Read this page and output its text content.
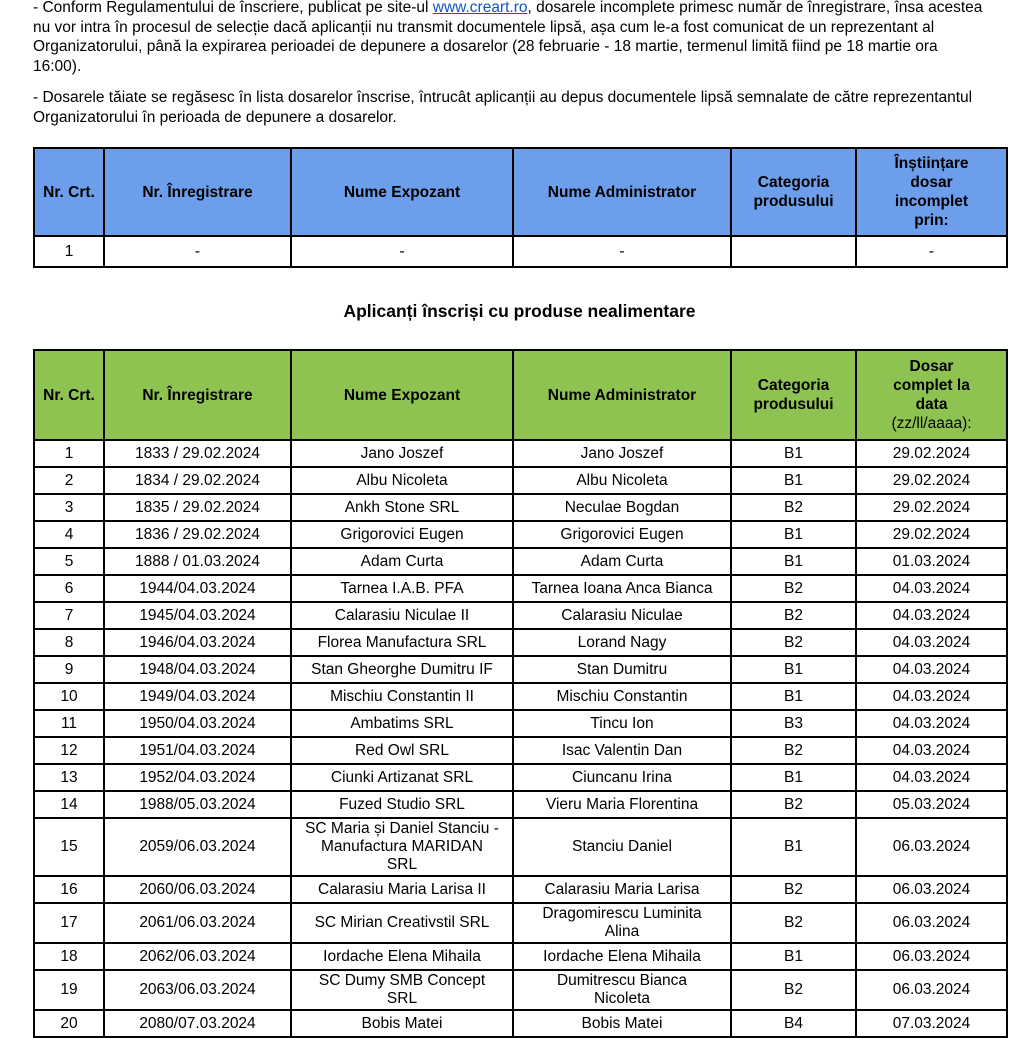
- Conform Regulamentului de înscriere, publicat pe site-ul www.creart.ro, dosarele incomplete primesc număr de înregistrare, însa acestea nu vor intra în procesul de selecție dacă aplicanții nu transmit documentele lipsă, așa cum le-a fost comunicat de un reprezentant al Organizatorului, până la expirarea perioadei de depunere a dosarelor (28 februarie - 18 martie, termenul limită fiind pe 18 martie ora 16:00).

- Dosarele tăiate se regăsesc în lista dosarelor înscrise, întrucât aplicanții au depus documentele lipsă semnalate de către reprezentantul Organizatorului în perioada de depunere a dosarelor.

Nr. Crt.	Nr. Înregistrare	Nume Expozant	Nume Administrator	Categoria produsului	Înștiințare dosar incomplet prin:
1	-	-	-		-
Aplicanți înscriși cu produse nealimentare
Nr. Crt.	Nr. Înregistrare	Nume Expozant	Nume Administrator	Categoria produsului	Dosar complet la data
(zz/ll/aaaa):

1	1833 / 29.02.2024	Jano Joszef	Jano Joszef	B1	29.02.2024
2	1834 / 29.02.2024	Albu Nicoleta	Albu Nicoleta	B1	29.02.2024
3	1835 / 29.02.2024	Ankh Stone SRL	Neculae Bogdan	B2	29.02.2024
4	1836 / 29.02.2024	Grigorovici Eugen	Grigorovici Eugen	B1	29.02.2024
5	1888 / 01.03.2024	Adam Curta	Adam Curta	B1	01.03.2024
6	1944/04.03.2024	Tarnea I.A.B. PFA	Tarnea Ioana Anca Bianca	B2	04.03.2024
7	1945/04.03.2024	Calarasiu Niculae II	Calarasiu Niculae	B2	04.03.2024
8	1946/04.03.2024	Florea Manufactura SRL	Lorand Nagy	B2	04.03.2024
9	1948/04.03.2024	Stan Gheorghe Dumitru IF	Stan Dumitru	B1	04.03.2024
10	1949/04.03.2024	Mischiu Constantin II	Mischiu Constantin	B1	04.03.2024
11	1950/04.03.2024	Ambatims SRL	Tincu Ion	B3	04.03.2024
12	1951/04.03.2024	Red Owl SRL	Isac Valentin Dan	B2	04.03.2024
13	1952/04.03.2024	Ciunki Artizanat SRL	Ciuncanu Irina	B1	04.03.2024
14	1988/05.03.2024	Fuzed Studio SRL	Vieru Maria Florentina	B2	05.03.2024
15	2059/06.03.2024	SC Maria și Daniel Stanciu - Manufactura MARIDAN SRL	Stanciu Daniel	B1	06.03.2024
16	2060/06.03.2024	Calarasiu Maria Larisa II	Calarasiu Maria Larisa	B2	06.03.2024
17	2061/06.03.2024	SC Mirian Creativstil SRL	Dragomirescu Luminita Alina	B2	06.03.2024
18	2062/06.03.2024	Iordache Elena Mihaila	Iordache Elena Mihaila	B1	06.03.2024
19	2063/06.03.2024	SC Dumy SMB Concept SRL	Dumitrescu Bianca Nicoleta	B2	06.03.2024
20	2080/07.03.2024	Bobis Matei	Bobis Matei	B4	07.03.2024
